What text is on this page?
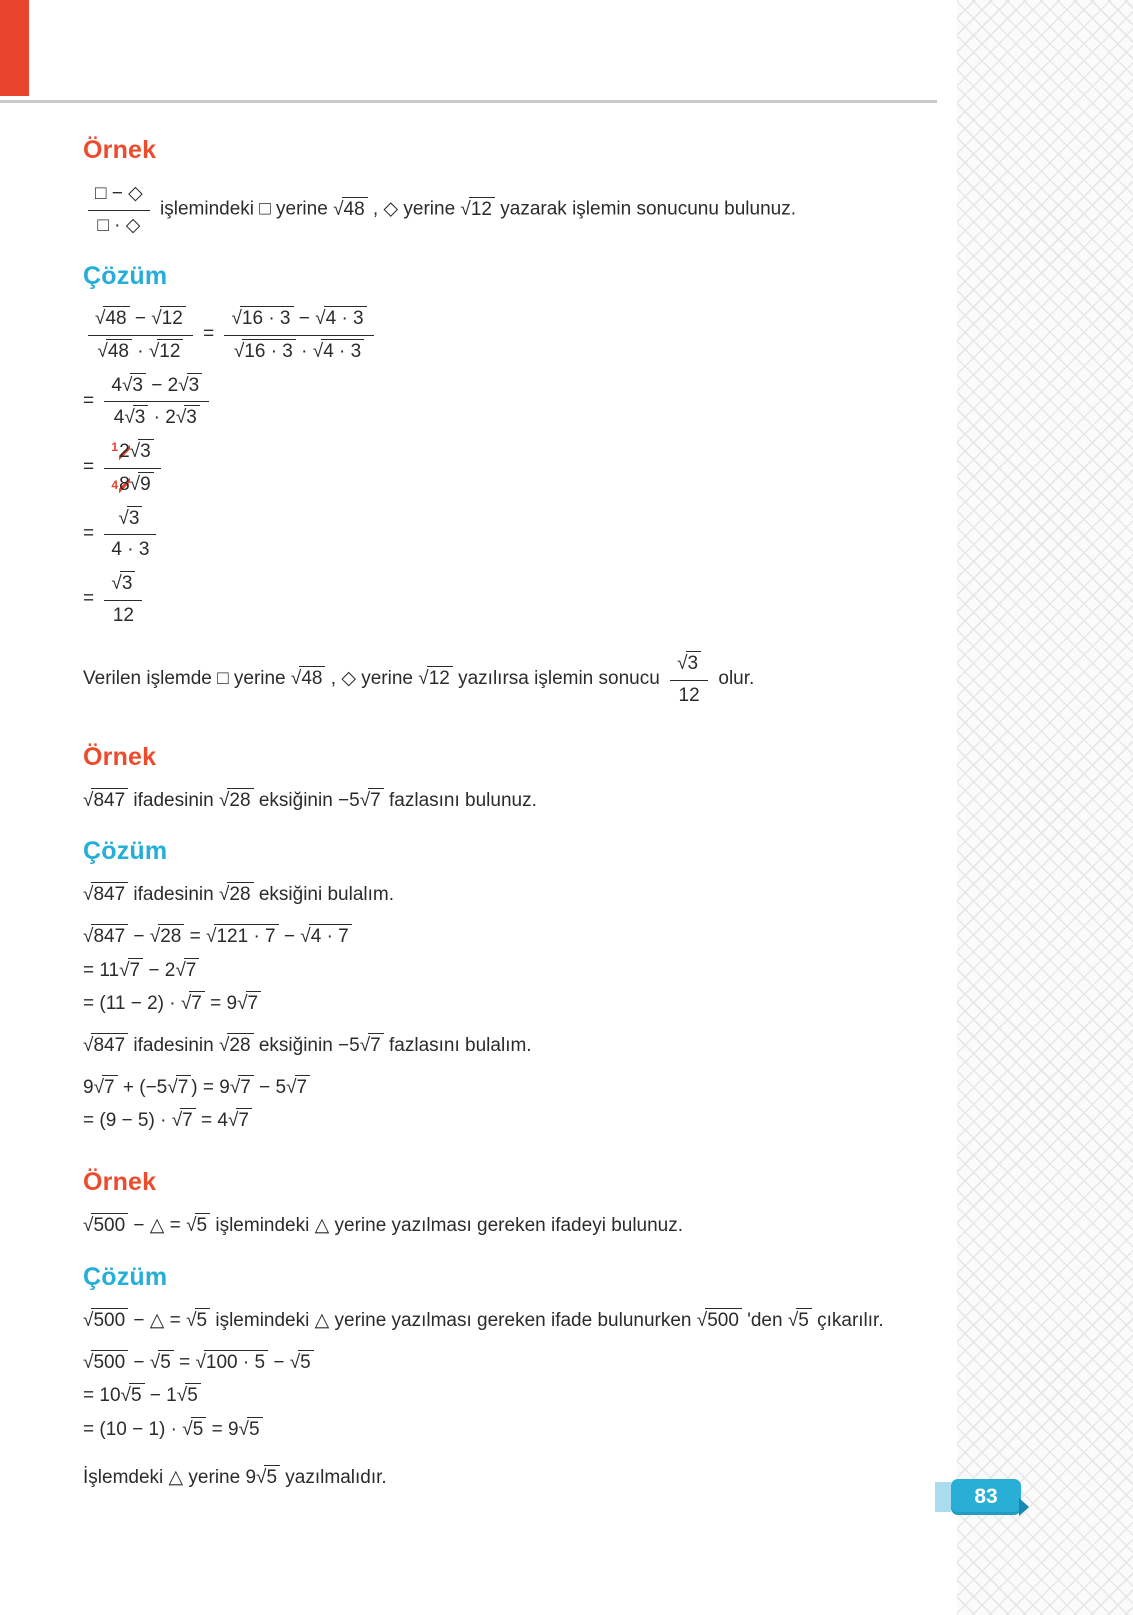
Örnek
$\frac{□ - ◇}{□ \cdot ◇}$ işlemindeki □ yerine √48 , ◇ yerine √12 yazarak işlemin sonucunu bulunuz.
Çözüm
$\frac{√48 - √12}{√48 \cdot √12} = \frac{√16 \cdot 3 - √4 \cdot 3}{√16 \cdot 3 \cdot √4 \cdot 3}$
= $\frac{4√3 - 2√3}{4√3 \cdot 2√3}$
= $\frac{^12√3}{48√9}$
= $\frac{√3}{4 \cdot 3}$
= $\frac{√3}{12}$
Verilen işlemde □ yerine √48 , ◇ yerine √12 yazılırsa işlemin sonucu $\frac{√3}{12}$ olur.
Örnek
√847 ifadesinin √28 eksiğinin −5√7 fazlasını bulunuz.
Çözüm
√847 ifadesinin √28 eksiğini bulalım.
√847 − √28 = √121 · 7 − √4 · 7
= 11√7 − 2√7
= (11 − 2) · √7 = 9√7
√847 ifadesinin √28 eksiğinin −5√7 fazlasını bulalım.
9√7 + (−5√7 ) = 9√7 − 5√7
= (9 − 5) · √7 = 4√7
Örnek
√500 − △ = √5 işlemindeki △ yerine yazılması gereken ifadeyi bulunuz.
Çözüm
√500 − △ = √5 işlemindeki △ yerine yazılması gereken ifade bulunurken √500 'den √5 çıkarılır.
√500 − √5 = √100 · 5 − √5
= 10√5 − 1√5
= (10 − 1) · √5 = 9√5
İşlemdeki △ yerine 9√5 yazılmalıdır.
83
